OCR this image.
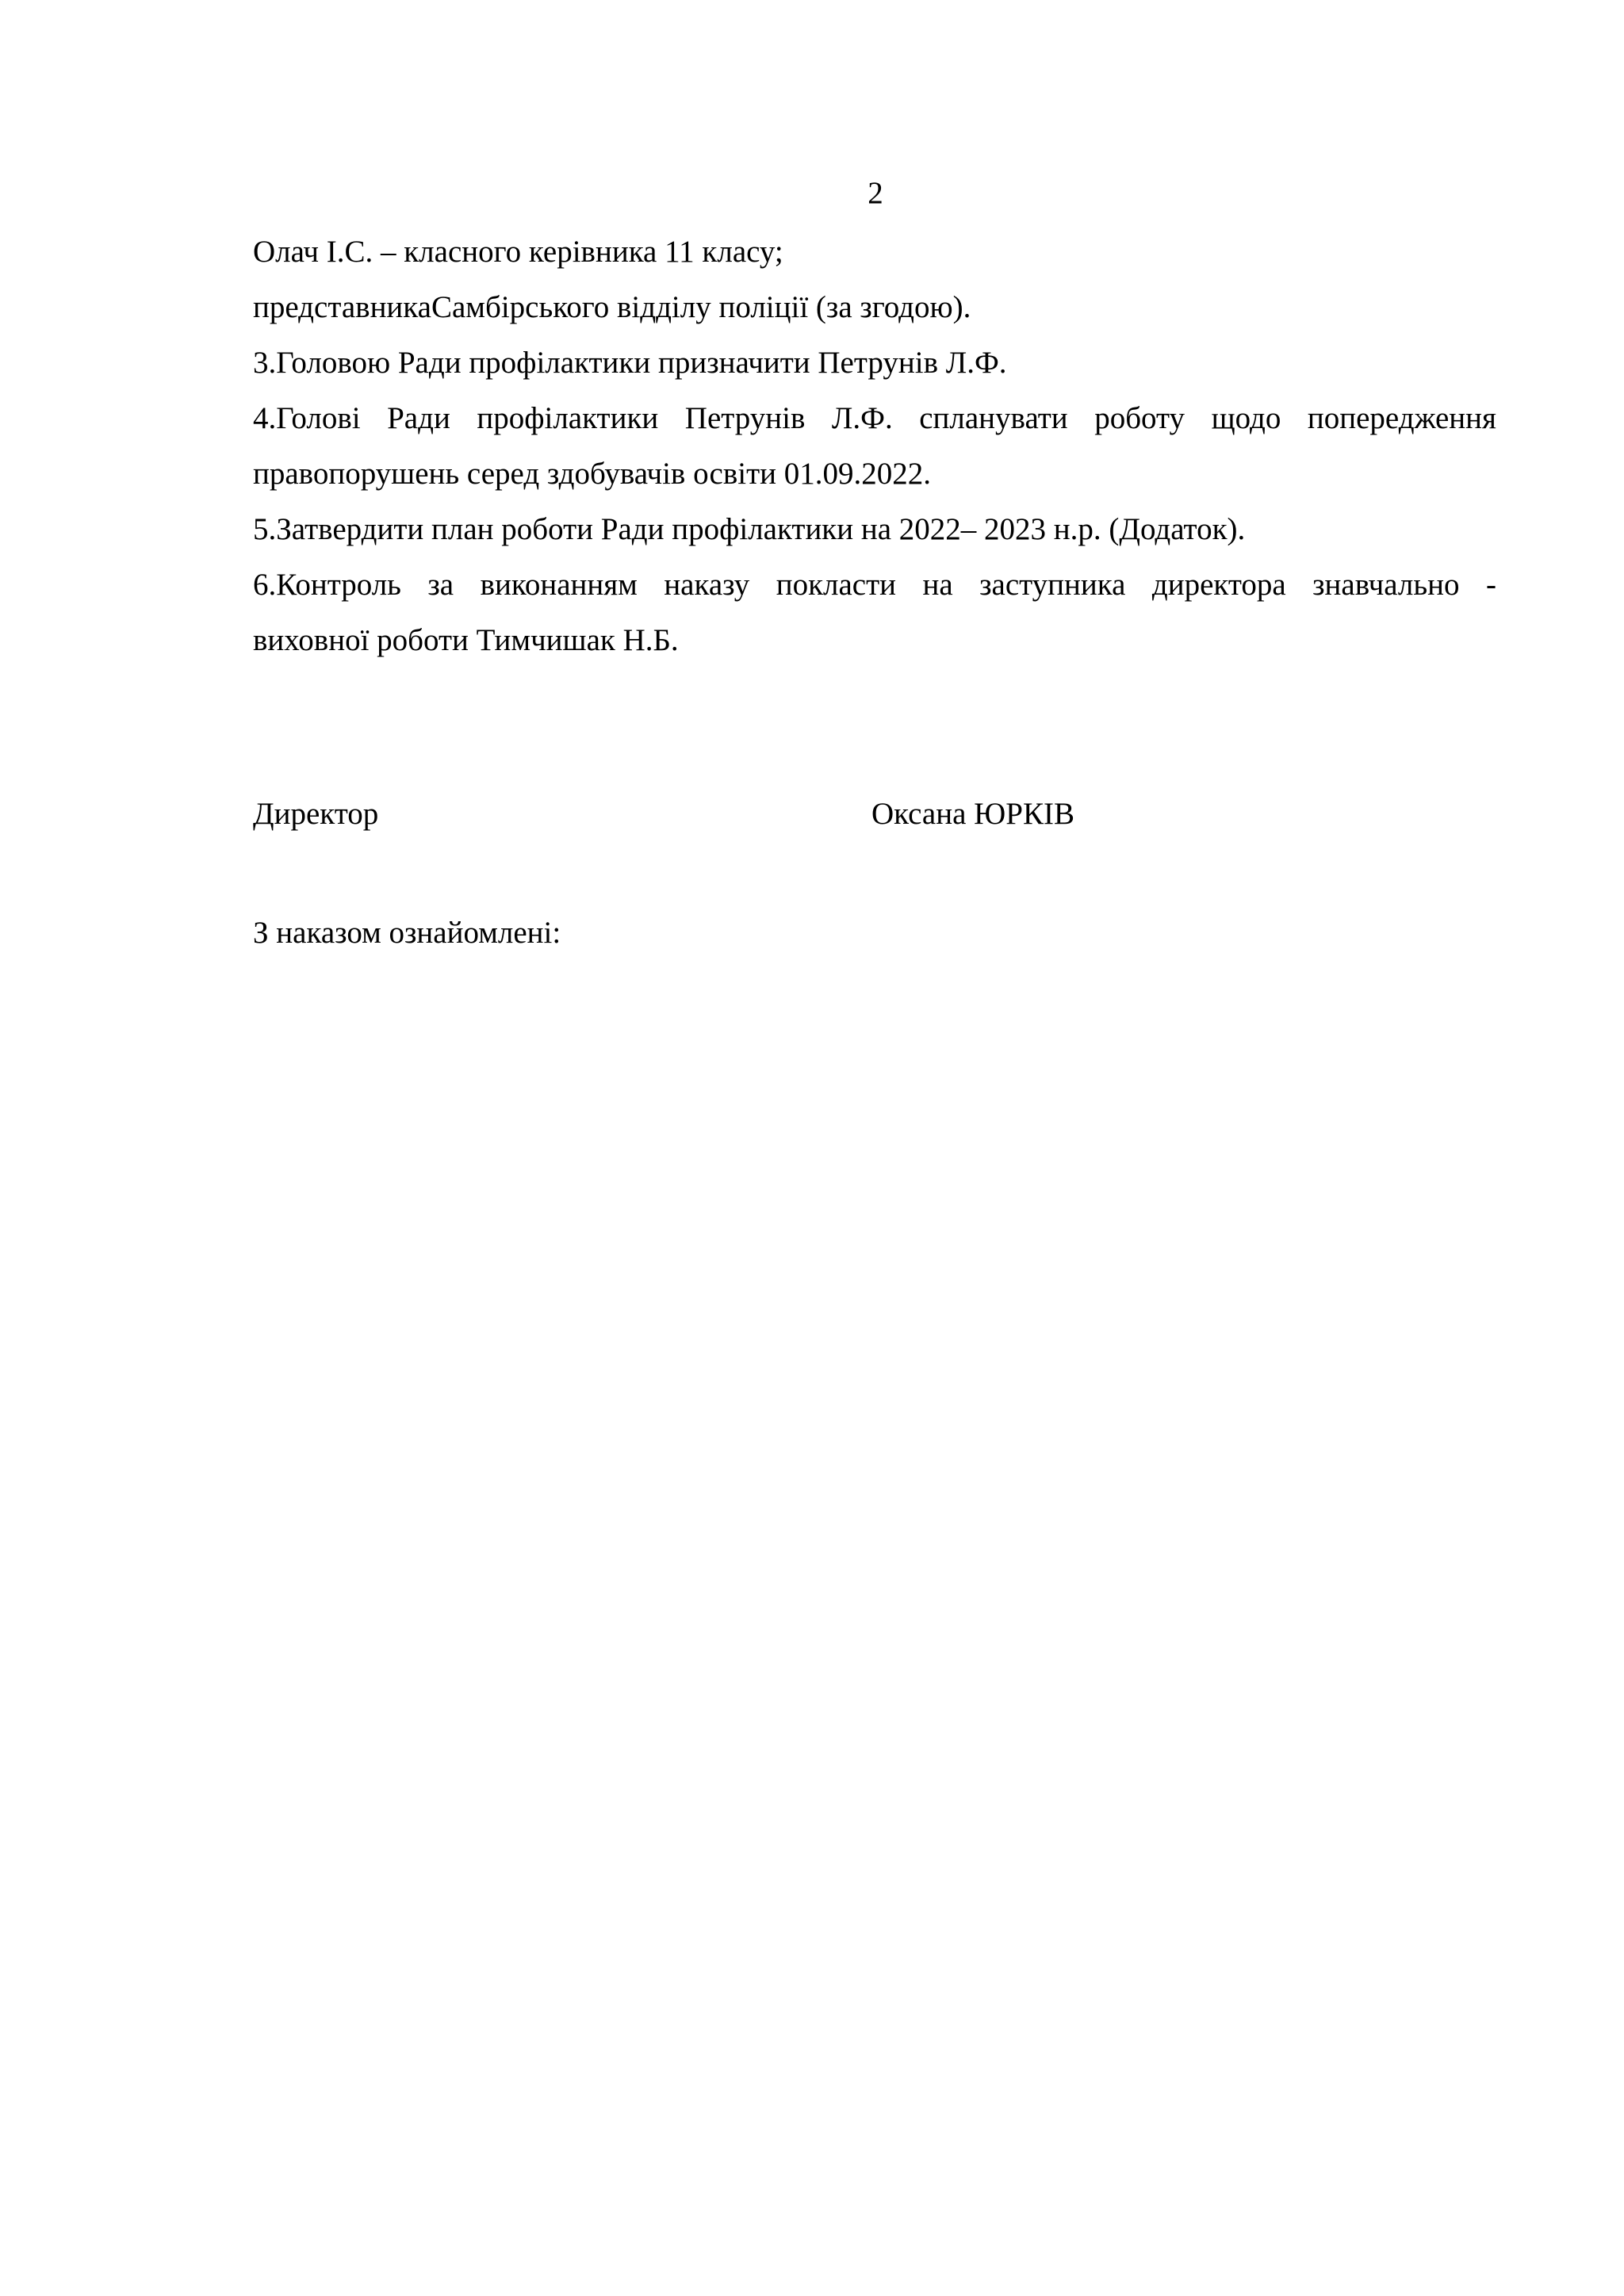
2
Олач І.С. – класного керівника 11 класу;
представникаСамбірського відділу поліції (за згодою).
3.Головою Ради профілактики призначити Петрунів Л.Ф.
4.Голові Ради профілактики Петрунів Л.Ф. спланувати роботу щодо попередження
правопорушень серед здобувачів освіти 01.09.2022.
5.Затвердити план роботи Ради профілактики на 2022– 2023 н.р. (Додаток).
6.Контроль за виконанням наказу покласти на заступника директора знавчально -
виховної роботи Тимчишак Н.Б.
Директор	Оксана ЮРКІВ
З наказом ознайомлені:
